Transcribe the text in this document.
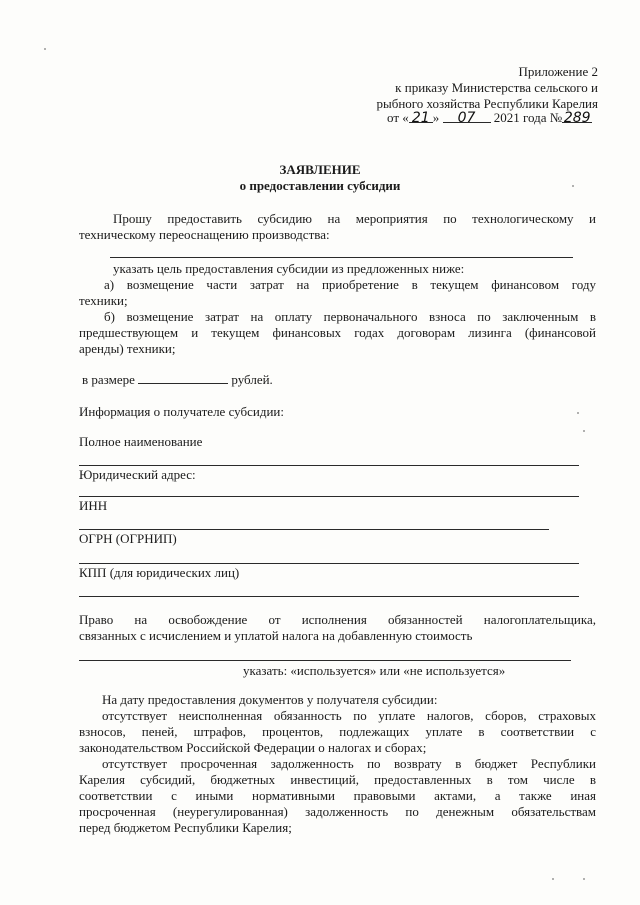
Приложение 2
к приказу Министерства сельского и
рыбного хозяйства Республики Карелия
от « 21 » 07 2021 года № 289
ЗАЯВЛЕНИЕ
о предоставлении субсидии
Прошу предоставить субсидию на мероприятия по технологическому и
техническому переоснащению производства:
указать цель предоставления субсидии из предложенных ниже:
а) возмещение части затрат на приобретение в текущем финансовом году
техники;
б) возмещение затрат на оплату первоначального взноса по заключенным в
предшествующем и текущем финансовых годах договорам лизинга (финансовой
аренды) техники;
в размере	рублей.
Информация о получателе субсидии:
Полное наименование
Юридический адрес:
ИНН
ОГРН (ОГРНИП)
КПП (для юридических лиц)
Право на освобождение от исполнения обязанностей налогоплательщика,
связанных с исчислением и уплатой налога на добавленную стоимость
указать: «используется» или «не используется»
На дату предоставления документов у получателя субсидии:
отсутствует неисполненная обязанность по уплате налогов, сборов, страховых
взносов, пеней, штрафов, процентов, подлежащих уплате в соответствии с
законодательством Российской Федерации о налогах и сборах;
отсутствует просроченная задолженность по возврату в бюджет Республики
Карелия субсидий, бюджетных инвестиций, предоставленных в том числе в
соответствии с иными нормативными правовыми актами, а также иная
просроченная (неурегулированная) задолженность по денежным обязательствам
перед бюджетом Республики Карелия;
